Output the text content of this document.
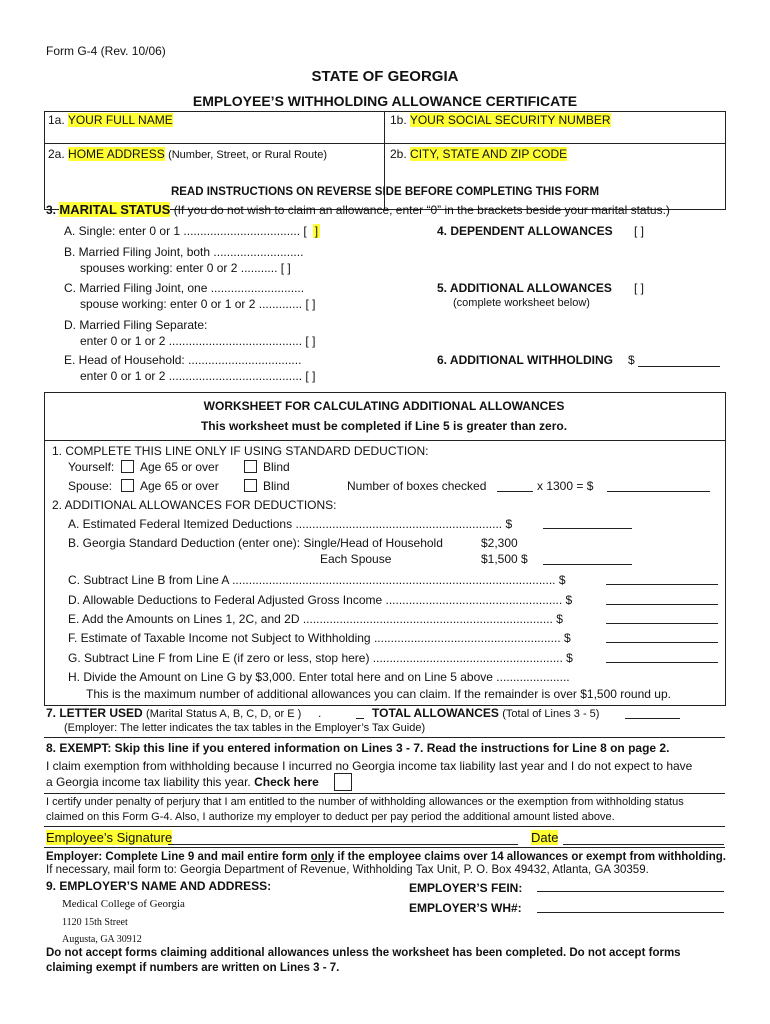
Form G-4 (Rev. 10/06)
STATE OF GEORGIA
EMPLOYEE’S WITHHOLDING ALLOWANCE CERTIFICATE
1a. YOUR FULL NAME	1b. YOUR SOCIAL SECURITY NUMBER
2a. HOME ADDRESS (Number, Street, or Rural Route)	2b. CITY, STATE AND ZIP CODE
READ INSTRUCTIONS ON REVERSE SIDE BEFORE COMPLETING THIS FORM
3. MARITAL STATUS (If you do not wish to claim an allowance, enter “0” in the brackets beside your marital status.)
A. Single: enter 0 or 1 ................................... [ ]
B. Married Filing Joint, both ...........................
spouses working: enter 0 or 2 ........... [ ]
C. Married Filing Joint, one ............................
spouse working: enter 0 or 1 or 2 ............. [ ]
D. Married Filing Separate:
enter 0 or 1 or 2 ........................................ [ ]
E. Head of Household: ..................................
enter 0 or 1 or 2 ........................................ [ ]
4. DEPENDENT ALLOWANCES [ ]
5. ADDITIONAL ALLOWANCES [ ]
(complete worksheet below)
6. ADDITIONAL WITHHOLDING $
WORKSHEET FOR CALCULATING ADDITIONAL ALLOWANCES
This worksheet must be completed if Line 5 is greater than zero.
1. COMPLETE THIS LINE ONLY IF USING STANDARD DEDUCTION:
Yourself:	Age 65 or over	Blind
Spouse:	Age 65 or over	Blind	Number of boxes checked	x 1300 = $
2. ADDITIONAL ALLOWANCES FOR DEDUCTIONS:
A. Estimated Federal Itemized Deductions .............................................................. $
B. Georgia Standard Deduction (enter one): Single/Head of Household	$2,300
Each Spouse	$1,500 $
C. Subtract Line B from Line A ................................................................................................. $
D. Allowable Deductions to Federal Adjusted Gross Income ..................................................... $
E. Add the Amounts on Lines 1, 2C, and 2D ........................................................................... $
F. Estimate of Taxable Income not Subject to Withholding ........................................................ $
G. Subtract Line F from Line E (if zero or less, stop here) ......................................................... $
H. Divide the Amount on Line G by $3,000. Enter total here and on Line 5 above ......................
This is the maximum number of additional allowances you can claim. If the remainder is over $1,500 round up.
7. LETTER USED (Marital Status A, B, C, D, or E ) .	TOTAL ALLOWANCES (Total of Lines 3 - 5)
(Employer: The letter indicates the tax tables in the Employer’s Tax Guide)
8. EXEMPT: Skip this line if you entered information on Lines 3 - 7. Read the instructions for Line 8 on page 2.
I claim exemption from withholding because I incurred no Georgia income tax liability last year and I do not expect to have
a Georgia income tax liability this year. Check here
I certify under penalty of perjury that I am entitled to the number of withholding allowances or the exemption from withholding status
claimed on this Form G-4. Also, I authorize my employer to deduct per pay period the additional amount listed above.
Employee’s Signature	Date
Employer: Complete Line 9 and mail entire form only if the employee claims over 14 allowances or exempt from withholding.
If necessary, mail form to: Georgia Department of Revenue, Withholding Tax Unit, P. O. Box 49432, Atlanta, GA 30359.
9. EMPLOYER’S NAME AND ADDRESS:	EMPLOYER’S FEIN:
EMPLOYER’S WH#:
Medical College of Georgia
1120 15th Street
Augusta, GA 30912
Do not accept forms claiming additional allowances unless the worksheet has been completed. Do not accept forms
claiming exempt if numbers are written on Lines 3 - 7.
